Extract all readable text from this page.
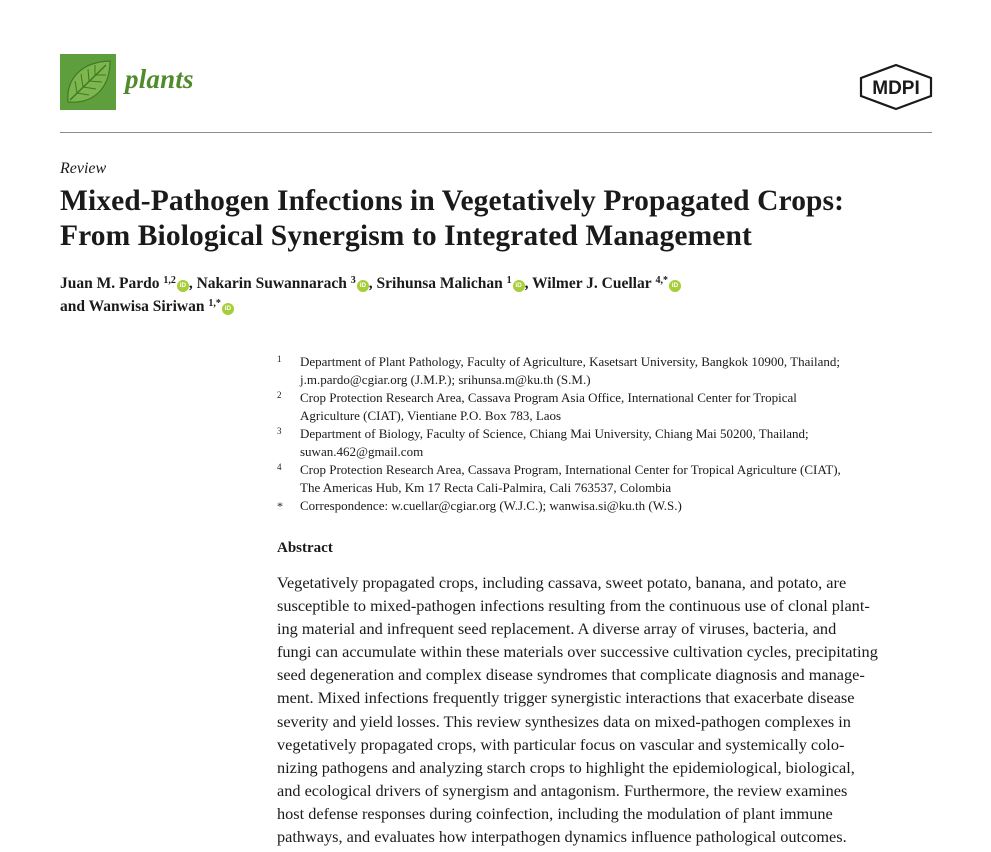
plants	MDPI
Review
Mixed-Pathogen Infections in Vegetatively Propagated Crops:
From Biological Synergism to Integrated Management
Juan M. Pardo $^{1,2}$ iD , Nakarin Suwannarach $^3$ iD , Srihunsa Malichan $^1$ iD , Wilmer J. Cuellar $^{4,*}$ iD
and Wanwisa Siriwan $^{1,*}$ iD
1 Department of Plant Pathology, Faculty of Agriculture, Kasetsart University, Bangkok 10900, Thailand;
j.m.pardo@cgiar.org (J.M.P.); srihunsa.m@ku.th (S.M.)
2 Crop Protection Research Area, Cassava Program Asia Office, International Center for Tropical
Agriculture (CIAT), Vientiane P.O. Box 783, Laos
3 Department of Biology, Faculty of Science, Chiang Mai University, Chiang Mai 50200, Thailand;
suwan.462@gmail.com
4 Crop Protection Research Area, Cassava Program, International Center for Tropical Agriculture (CIAT),
The Americas Hub, Km 17 Recta Cali-Palmira, Cali 763537, Colombia
* Correspondence: w.cuellar@cgiar.org (W.J.C.); wanwisa.si@ku.th (W.S.)
Abstract
Vegetatively propagated crops, including cassava, sweet potato, banana, and potato, are
susceptible to mixed-pathogen infections resulting from the continuous use of clonal plant-
ing material and infrequent seed replacement. A diverse array of viruses, bacteria, and
fungi can accumulate within these materials over successive cultivation cycles, precipitating
seed degeneration and complex disease syndromes that complicate diagnosis and manage-
ment. Mixed infections frequently trigger synergistic interactions that exacerbate disease
severity and yield losses. This review synthesizes data on mixed-pathogen complexes in
vegetatively propagated crops, with particular focus on vascular and systemically colo-
nizing pathogens and analyzing starch crops to highlight the epidemiological, biological,
and ecological drivers of synergism and antagonism. Furthermore, the review examines
host defense responses during coinfection, including the modulation of plant immune
pathways, and evaluates how interpathogen dynamics influence pathological outcomes.
